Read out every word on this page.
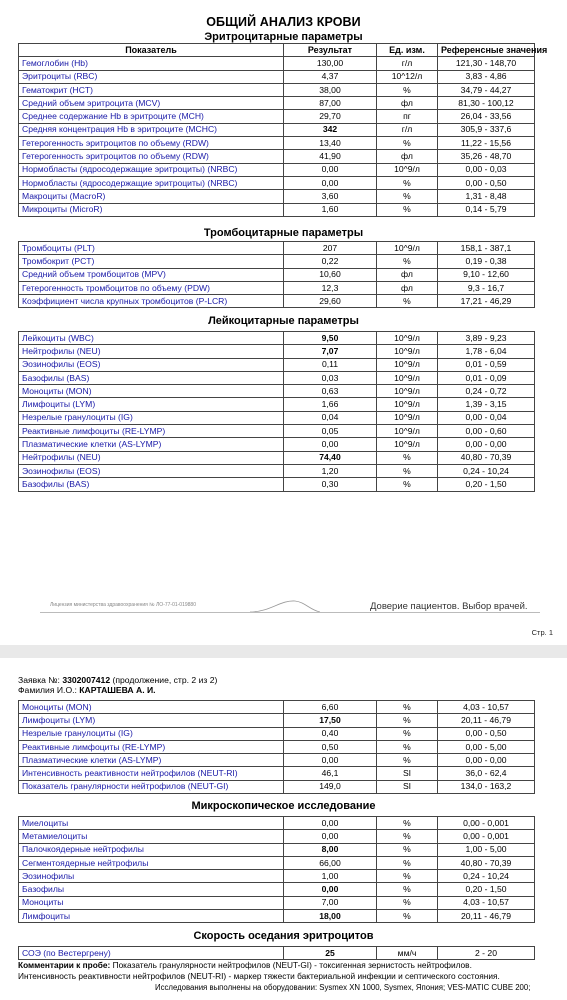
ОБЩИЙ АНАЛИЗ КРОВИ
Эритроцитарные параметры
Показатель	Результат	Ед. изм.	Референсные значения
Гемоглобин (Hb)	130,00	г/л	121,30 - 148,70
Эритроциты (RBC)	4,37	10^12/л	3,83 - 4,86
Гематокрит (HCT)	38,00	%	34,79 - 44,27
Средний объем эритроцита (MCV)	87,00	фл	81,30 - 100,12
Среднее содержание Hb в эритроците (MCH)	29,70	пг	26,04 - 33,56
Средняя концентрация Hb в эритроците (MCHC)	342	г/л	305,9 - 337,6
Гетерогенность эритроцитов по объему (RDW)	13,40	%	11,22 - 15,56
Гетерогенность эритроцитов по объему (RDW)	41,90	фл	35,26 - 48,70
Нормобласты (ядросодержащие эритроциты) (NRBC)	0,00	10^9/л	0,00 - 0,03
Нормобласты (ядросодержащие эритроциты) (NRBC)	0,00	%	0,00 - 0,50
Макроциты (MacroR)	3,60	%	1,31 - 8,48
Микроциты (MicroR)	1,60	%	0,14 - 5,79
Тромбоцитарные параметры
Тромбоциты (PLT)	207	10^9/л	158,1 - 387,1
Тромбокрит (PCT)	0,22	%	0,19 - 0,38
Средний объем тромбоцитов (MPV)	10,60	фл	9,10 - 12,60
Гетерогенность тромбоцитов по объему (PDW)	12,3	фл	9,3 - 16,7
Коэффициент числа крупных тромбоцитов (P-LCR)	29,60	%	17,21 - 46,29
Лейкоцитарные параметры
Лейкоциты (WBC)	9,50	10^9/л	3,89 - 9,23
Нейтрофилы (NEU)	7,07	10^9/л	1,78 - 6,04
Эозинофилы (EOS)	0,11	10^9/л	0,01 - 0,59
Базофилы (BAS)	0,03	10^9/л	0,01 - 0,09
Моноциты (MON)	0,63	10^9/л	0,24 - 0,72
Лимфоциты (LYM)	1,66	10^9/л	1,39 - 3,15
Незрелые гранулоциты (IG)	0,04	10^9/л	0,00 - 0,04
Реактивные лимфоциты (RE-LYMP)	0,05	10^9/л	0,00 - 0,60
Плазматические клетки (AS-LYMP)	0,00	10^9/л	0,00 - 0,00
Нейтрофилы (NEU)	74,40	%	40,80 - 70,39
Эозинофилы (EOS)	1,20	%	0,24 - 10,24
Базофилы (BAS)	0,30	%	0,20 - 1,50
Лицензия министерства здравоохранения № ЛО-77-01-019880	Доверие пациентов. Выбор врачей.
Стр. 1
Заявка №: 3302007412 (продолжение, стр. 2 из 2)
Фамилия И.О.: КАРТАШЕВА А. И.
Моноциты (MON)	6,60	%	4,03 - 10,57
Лимфоциты (LYM)	17,50	%	20,11 - 46,79
Незрелые гранулоциты (IG)	0,40	%	0,00 - 0,50
Реактивные лимфоциты (RE-LYMP)	0,50	%	0,00 - 5,00
Плазматические клетки (AS-LYMP)	0,00	%	0,00 - 0,00
Интенсивность реактивности нейтрофилов (NEUT-RI)	46,1	SI	36,0 - 62,4
Показатель гранулярности нейтрофилов (NEUT-GI)	149,0	SI	134,0 - 163,2
Микроскопическое исследование
Миелоциты	0,00	%	0,00 - 0,001
Метамиелоциты	0,00	%	0,00 - 0,001
Палочкоядерные нейтрофилы	8,00	%	1,00 - 5,00
Сегментоядерные нейтрофилы	66,00	%	40,80 - 70,39
Эозинофилы	1,00	%	0,24 - 10,24
Базофилы	0,00	%	0,20 - 1,50
Моноциты	7,00	%	4,03 - 10,57
Лимфоциты	18,00	%	20,11 - 46,79
Скорость оседания эритроцитов
СОЭ (по Вестергрену)	25	мм/ч	2 - 20
Комментарии к пробе: Показатель гранулярности нейтрофилов (NEUT-GI) - токсигенная зернистость нейтрофилов.
Интенсивность реактивности нейтрофилов (NEUT-RI) - маркер тяжести бактериальной инфекции и септического состояния.
Исследования выполнены на оборудовании: Sysmex XN 1000, Sysmex, Япония; VES-MATIC CUBE 200;
